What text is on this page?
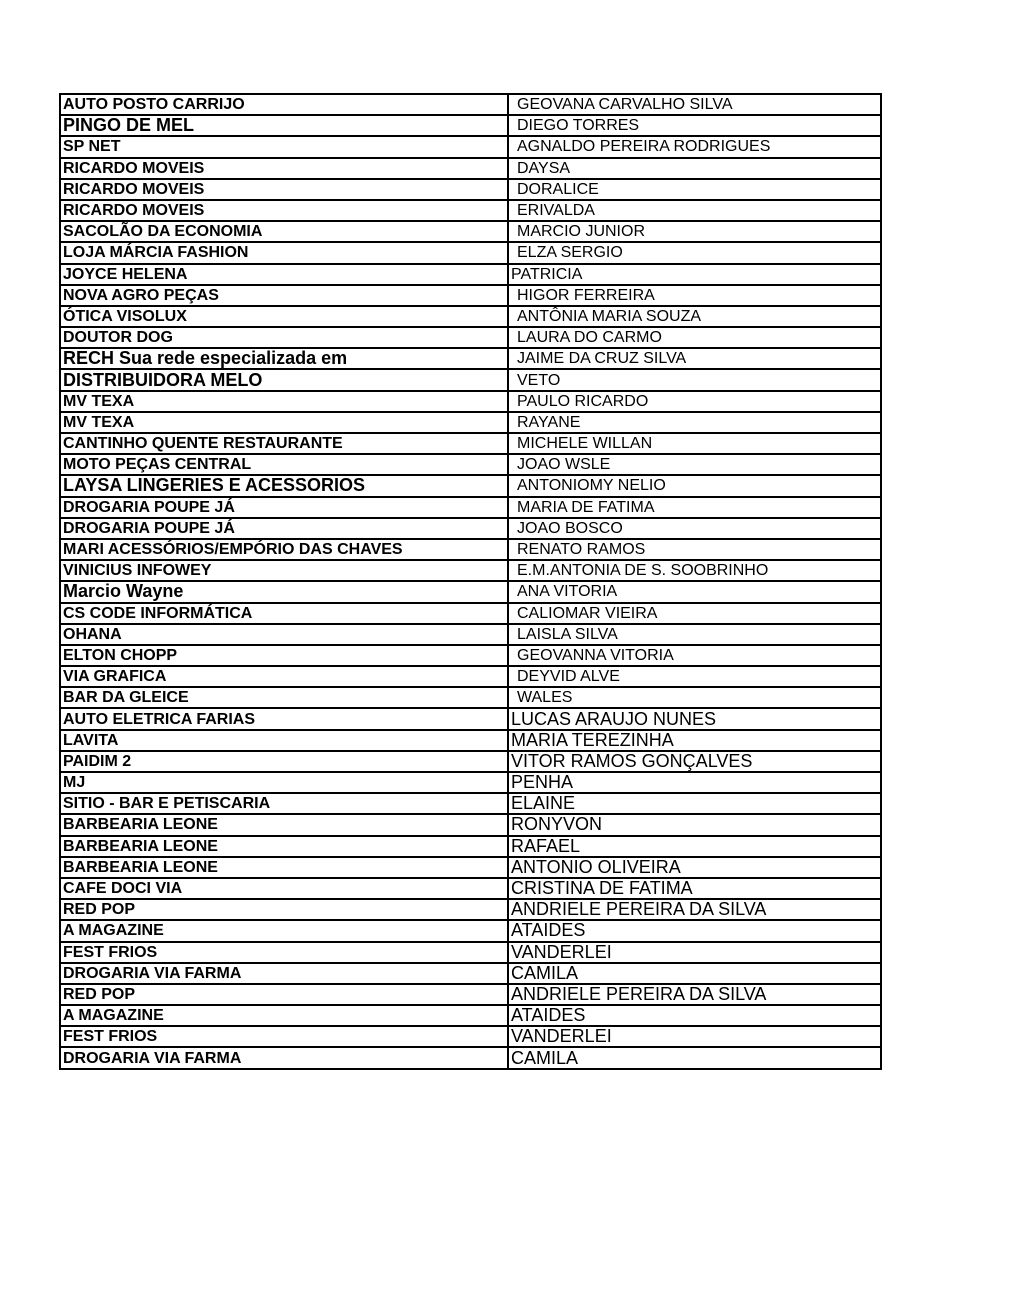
AUTO POSTO CARRIJO	GEOVANA CARVALHO SILVA
PINGO DE MEL	DIEGO TORRES
SP NET	AGNALDO PEREIRA RODRIGUES
RICARDO MOVEIS	DAYSA
RICARDO MOVEIS	DORALICE
RICARDO MOVEIS	ERIVALDA
SACOLÃO DA ECONOMIA	MARCIO JUNIOR
LOJA MÁRCIA FASHION	ELZA SERGIO
JOYCE HELENA	PATRICIA
NOVA AGRO PEÇAS	HIGOR FERREIRA
ÓTICA VISOLUX	ANTÔNIA MARIA SOUZA
DOUTOR DOG	LAURA DO CARMO
RECH Sua rede especializada em	JAIME DA CRUZ SILVA
DISTRIBUIDORA MELO	VETO
MV TEXA	PAULO RICARDO
MV TEXA	RAYANE
CANTINHO QUENTE RESTAURANTE	MICHELE WILLAN
MOTO PEÇAS CENTRAL	JOAO WSLE
LAYSA LINGERIES E ACESSORIOS	ANTONIOMY NELIO
DROGARIA POUPE JÁ	MARIA DE FATIMA
DROGARIA POUPE JÁ	JOAO BOSCO
MARI ACESSÓRIOS/EMPÓRIO DAS CHAVES	RENATO RAMOS
VINICIUS INFOWEY	E.M.ANTONIA DE S. SOOBRINHO
Marcio Wayne	ANA VITORIA
CS CODE INFORMÁTICA	CALIOMAR VIEIRA
OHANA	LAISLA SILVA
ELTON CHOPP	GEOVANNA VITORIA
VIA GRAFICA	DEYVID ALVE
BAR DA GLEICE	WALES
AUTO ELETRICA FARIAS	LUCAS ARAUJO NUNES
LAVITA	MARIA TEREZINHA
PAIDIM 2	VITOR RAMOS GONÇALVES
MJ	PENHA
SITIO - BAR E PETISCARIA	ELAINE
BARBEARIA LEONE	RONYVON
BARBEARIA LEONE	RAFAEL
BARBEARIA LEONE	ANTONIO OLIVEIRA
CAFE DOCI VIA	CRISTINA DE FATIMA
RED POP	ANDRIELE PEREIRA DA SILVA
A MAGAZINE	ATAIDES
FEST FRIOS	VANDERLEI
DROGARIA VIA FARMA	CAMILA
RED POP	ANDRIELE PEREIRA DA SILVA
A MAGAZINE	ATAIDES
FEST FRIOS	VANDERLEI
DROGARIA VIA FARMA	CAMILA
